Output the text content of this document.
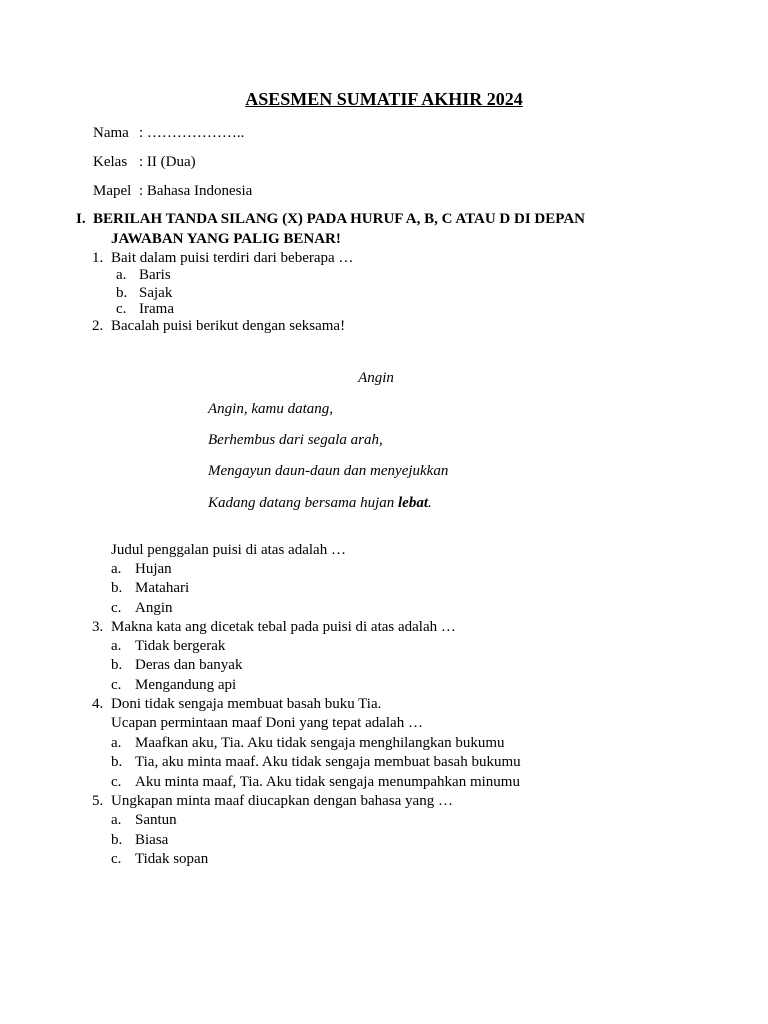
ASESMEN SUMATIF AKHIR 2024
Nama : ………………..
Kelas : II (Dua)
Mapel : Bahasa Indonesia
I. BERILAH TANDA SILANG (X) PADA HURUF A, B, C ATAU D DI DEPAN
JAWABAN YANG PALIG BENAR!
1. Bait dalam puisi terdiri dari beberapa …
a. Baris
b. Sajak
c. Irama
2. Bacalah puisi berikut dengan seksama!
Angin
Angin, kamu datang,
Berhembus dari segala arah,
Mengayun daun-daun dan menyejukkan
Kadang datang bersama hujan lebat.
Judul penggalan puisi di atas adalah …
a. Hujan
b. Matahari
c. Angin
3. Makna kata ang dicetak tebal pada puisi di atas adalah …
a. Tidak bergerak
b. Deras dan banyak
c. Mengandung api
4. Doni tidak sengaja membuat basah buku Tia.
Ucapan permintaan maaf Doni yang tepat adalah …
a. Maafkan aku, Tia. Aku tidak sengaja menghilangkan bukumu
b. Tia, aku minta maaf. Aku tidak sengaja membuat basah bukumu
c. Aku minta maaf, Tia. Aku tidak sengaja menumpahkan minumu
5. Ungkapan minta maaf diucapkan dengan bahasa yang …
a. Santun
b. Biasa
c. Tidak sopan
